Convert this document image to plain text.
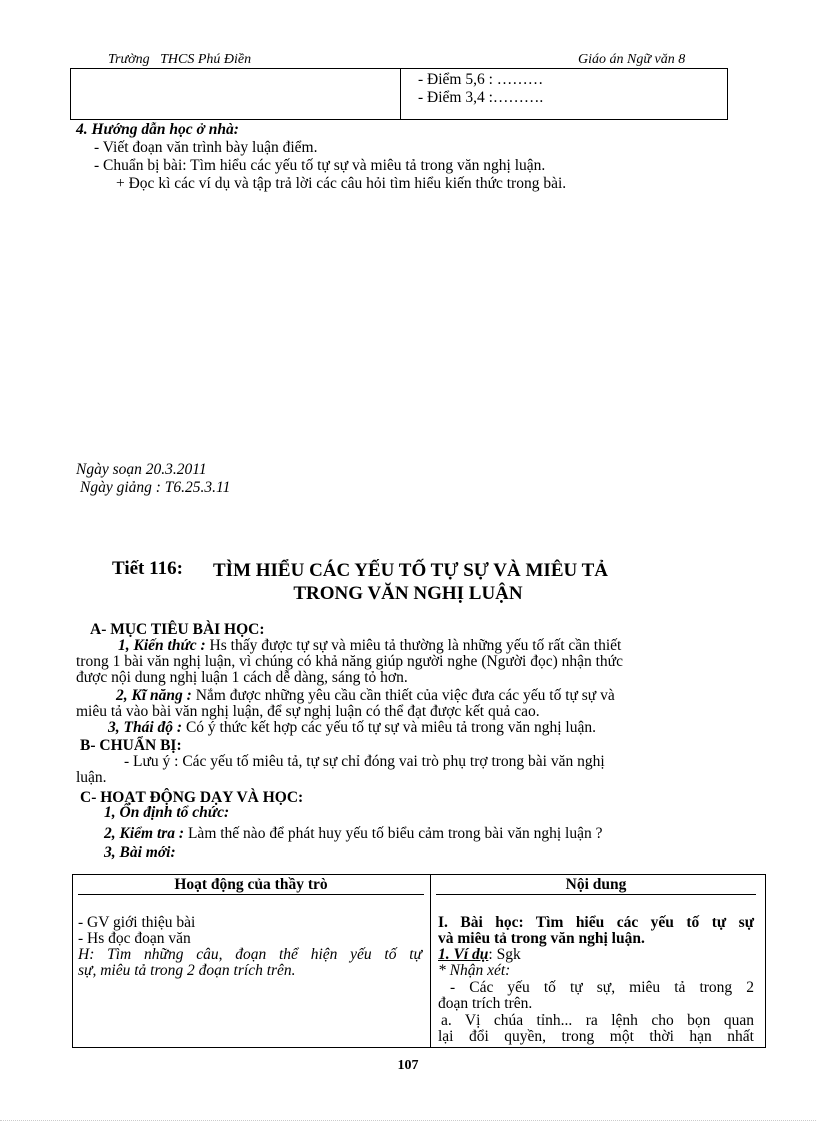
Trường THCS Phú Điền	Giáo án Ngữ văn 8
- Điểm 5,6 : ………
- Điểm 3,4 :……….
4. Hướng dẫn học ở nhà:
- Viết đoạn văn trình bày luận điểm.
- Chuẩn bị bài: Tìm hiểu các yếu tố tự sự và miêu tả trong văn nghị luận.
+ Đọc kì các ví dụ và tập trả lời các câu hỏi tìm hiểu kiến thức trong bài.
Ngày soạn 20.3.2011
Ngày giảng : T6.25.3.11
Tiết 116: TÌM HIỂU CÁC YẾU TỐ TỰ SỰ VÀ MIÊU TẢ
TRONG VĂN NGHỊ LUẬN
A- MỤC TIÊU BÀI HỌC:
1, Kiến thức : Hs thấy được tự sự và miêu tả thường là những yếu tố rất cần thiết
trong 1 bài văn nghị luận, vì chúng có khả năng giúp người nghe (Người đọc) nhận thức
được nội dung nghị luận 1 cách dễ dàng, sáng tỏ hơn.
2, Kĩ năng : Nắm được những yêu cầu cần thiết của việc đưa các yếu tố tự sự và
miêu tả vào bài văn nghị luận, để sự nghị luận có thể đạt được kết quả cao.
3, Thái độ : Có ý thức kết hợp các yếu tố tự sự và miêu tả trong văn nghị luận.
B- CHUẨN BỊ:
- Lưu ý : Các yếu tố miêu tả, tự sự chỉ đóng vai trò phụ trợ trong bài văn nghị
luận.
C- HOẠT ĐỘNG DẠY VÀ HỌC:
1, Ổn định tổ chức:
2, Kiểm tra : Làm thế nào để phát huy yếu tố biểu cảm trong bài văn nghị luận ?
3, Bài mới:
Hoạt động của thầy trò	Nội dung
- GV giới thiệu bài
- Hs đọc đoạn văn
H: Tìm những câu, đoạn thể hiện yếu tố tự
sự, miêu tả trong 2 đoạn trích trên.
I. Bài học: Tìm hiểu các yếu tố tự sự
và miêu tả trong văn nghị luận.
1. Ví dụ: Sgk
* Nhận xét:
- Các yếu tố tự sự, miêu tả trong 2
đoạn trích trên.
a. Vị chúa tỉnh... ra lệnh cho bọn quan
lại đổi quyền, trong một thời hạn nhất
107
